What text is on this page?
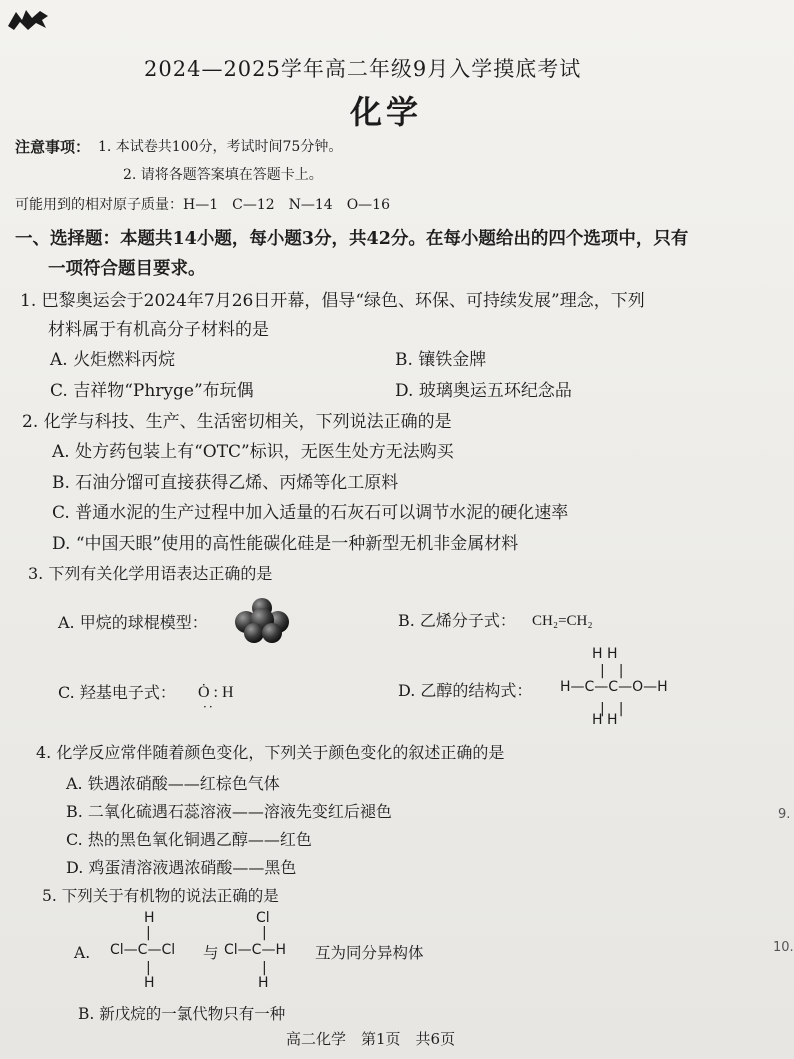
2024—2025学年高二年级9月入学摸底考试
化学
注意事项： 1. 本试卷共100分，考试时间75分钟。
2. 请将各题答案填在答题卡上。
可能用到的相对原子质量：H—1　C—12　N—14　O—16
一、选择题：本题共14小题，每小题3分，共42分。在每小题给出的四个选项中，只有
一项符合题目要求。
1. 巴黎奥运会于2024年7月26日开幕，倡导“绿色、环保、可持续发展”理念，下列
材料属于有机高分子材料的是
A. 火炬燃料丙烷	B. 镶铁金牌
C. 吉祥物“Phryge”布玩偶	D. 玻璃奥运五环纪念品
2. 化学与科技、生产、生活密切相关，下列说法正确的是
A. 处方药包装上有“OTC”标识，无医生处方无法购买
B. 石油分馏可直接获得乙烯、丙烯等化工原料
C. 普通水泥的生产过程中加入适量的石灰石可以调节水泥的硬化速率
D. “中国天眼”使用的高性能碳化硅是一种新型无机非金属材料
3. 下列有关化学用语表达正确的是
A. 甲烷的球棍模型：	B. 乙烯分子式： CH₂=CH₂
C. 羟基电子式： Ȯ : H
··
D. 乙醇的结构式：
H H
|　|
H—C—C—O—H
|　|
H H
4. 化学反应常伴随着颜色变化，下列关于颜色变化的叙述正确的是
A. 铁遇浓硝酸——红棕色气体
B. 二氧化硫遇石蕊溶液——溶液先变红后褪色
C. 热的黑色氧化铜遇乙醇——红色
D. 鸡蛋清溶液遇浓硝酸——黑色
5. 下列关于有机物的说法正确的是
A.
H
|
Cl—C—Cl
|
H
与
Cl
|
Cl—C—H
|
H
互为同分异构体
B. 新戊烷的一氯代物只有一种
9.
10.
高二化学　第1页　共6页
